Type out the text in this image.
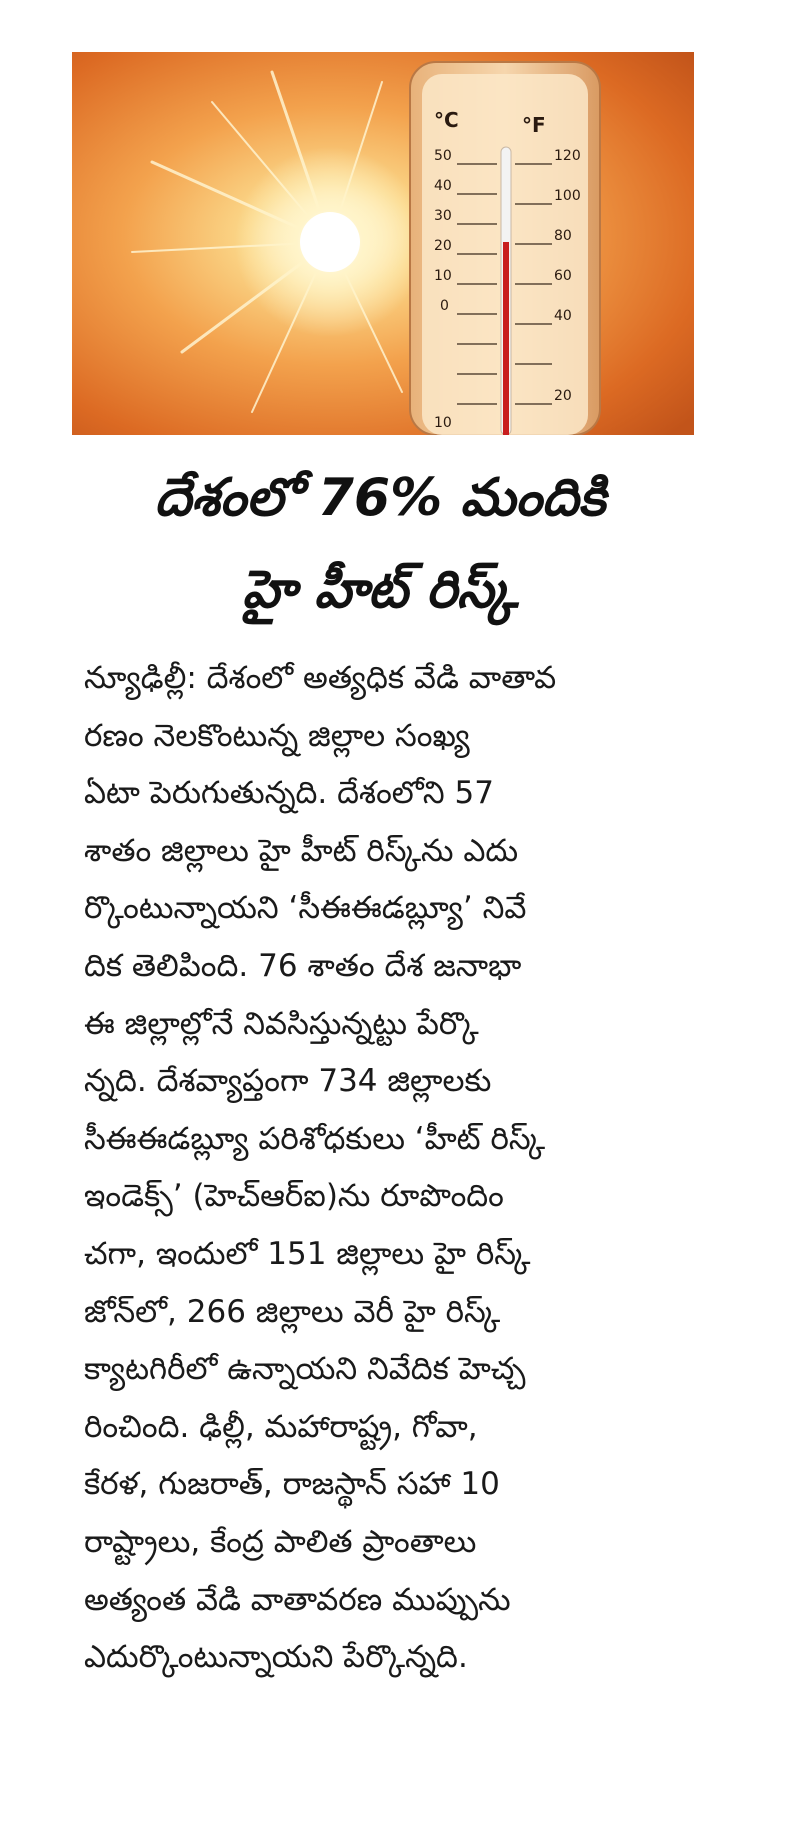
°C	°F
50
40
30
20
10
0
10
120
100
80
60
40
20
దేశంలో 76% మందికి
హై హీట్ రిస్క్
న్యూఢిల్లీ: దేశంలో అత్యధిక వేడి వాతావ
రణం నెలకొంటున్న జిల్లాల సంఖ్య
ఏటా పెరుగుతున్నది. దేశంలోని 57
శాతం జిల్లాలు హై హీట్ రిస్క్‌ను ఎదు
ర్కొంటున్నాయని ‘సీఈఈడబ్ల్యూ’ నివే
దిక తెలిపింది. 76 శాతం దేశ జనాభా
ఈ జిల్లాల్లోనే నివసిస్తున్నట్టు పేర్కొ
న్నది. దేశవ్యాప్తంగా 734 జిల్లాలకు
సీఈఈడబ్ల్యూ పరిశోధకులు ‘హీట్ రిస్క్
ఇండెక్స్’ (హెచ్‌ఆర్‌ఐ)ను రూపొందిం
చగా, ఇందులో 151 జిల్లాలు హై రిస్క్
జోన్‌లో, 266 జిల్లాలు వెరీ హై రిస్క్
క్యాటగిరీలో ఉన్నాయని నివేదిక హెచ్చ
రించింది. ఢిల్లీ, మహారాష్ట్ర, గోవా,
కేరళ, గుజరాత్, రాజస్థాన్ సహా 10
రాష్ట్రాలు, కేంద్ర పాలిత ప్రాంతాలు
అత్యంత వేడి వాతావరణ ముప్పును
ఎదుర్కొంటున్నాయని పేర్కొన్నది.
